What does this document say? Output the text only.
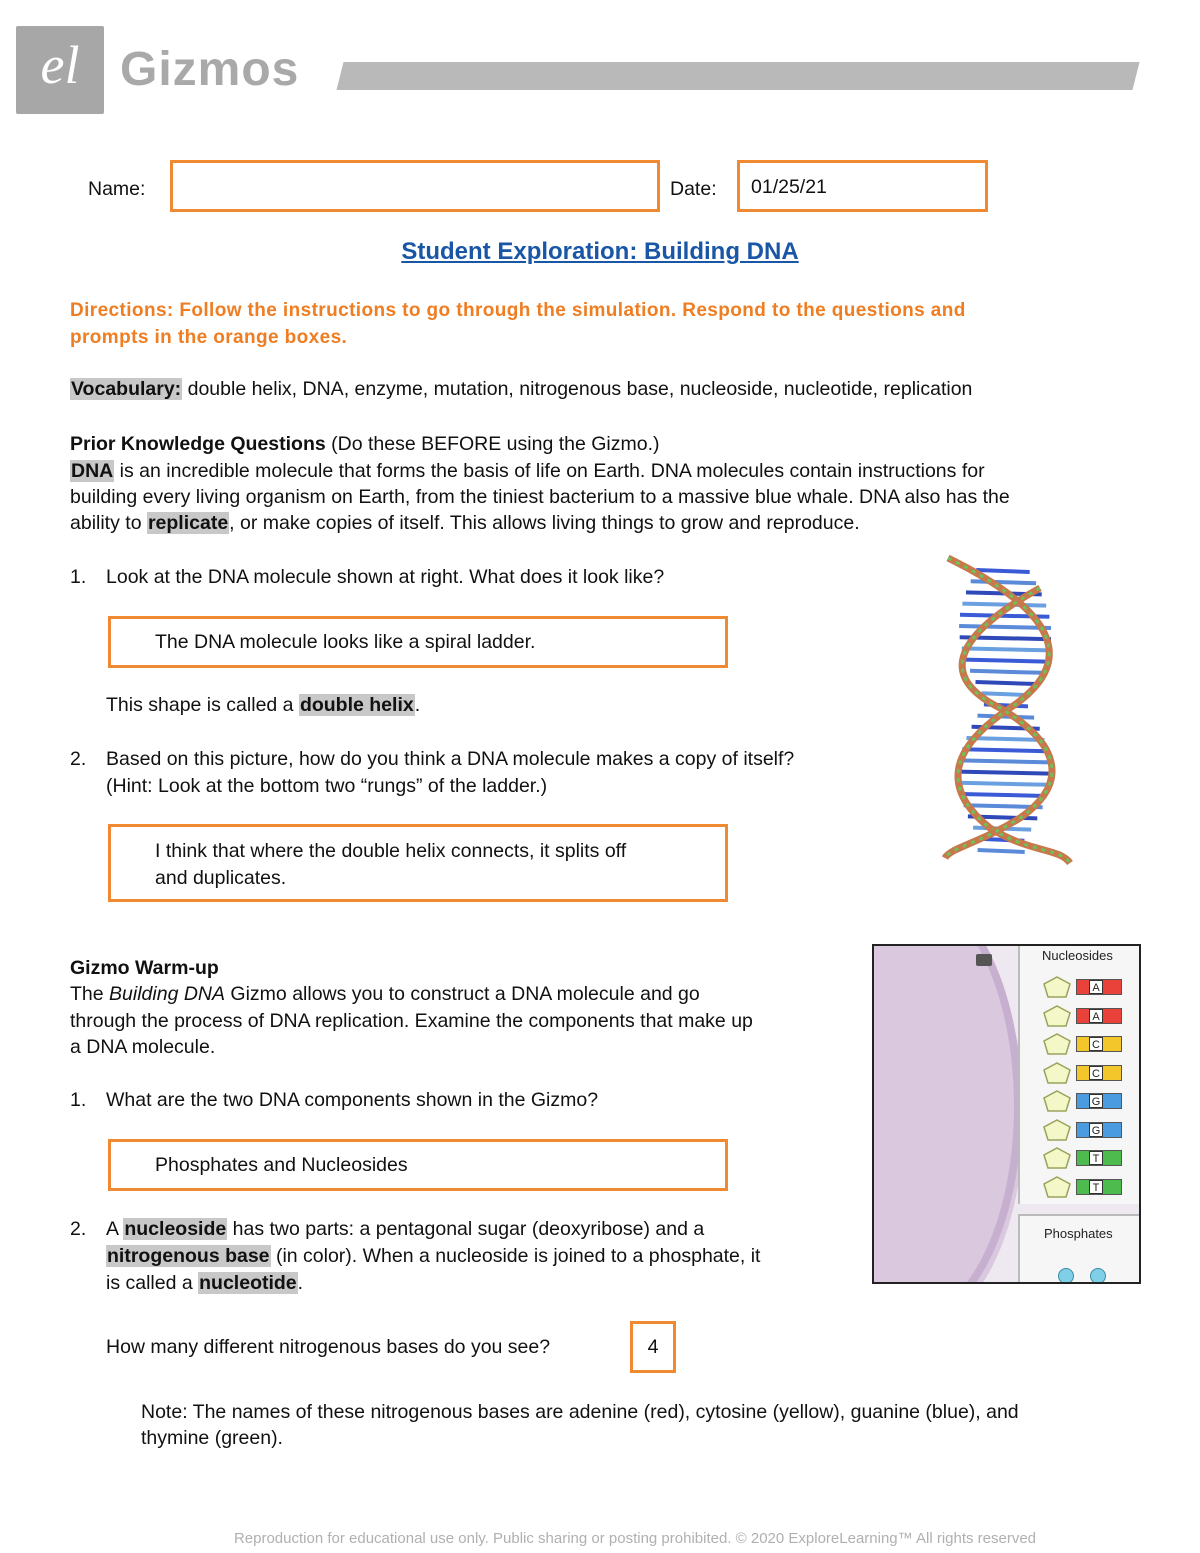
el Gizmos
Name:	Date: 01/25/21
Student Exploration: Building DNA
Directions: Follow the instructions to go through the simulation. Respond to the questions and
prompts in the orange boxes.
Vocabulary: double helix, DNA, enzyme, mutation, nitrogenous base, nucleoside, nucleotide, replication
Prior Knowledge Questions (Do these BEFORE using the Gizmo.)
DNA is an incredible molecule that forms the basis of life on Earth. DNA molecules contain instructions for
building every living organism on Earth, from the tiniest bacterium to a massive blue whale. DNA also has the
ability to replicate, or make copies of itself. This allows living things to grow and reproduce.
1.	Look at the DNA molecule shown at right. What does it look like?
The DNA molecule looks like a spiral ladder.
This shape is called a double helix.
2.	Based on this picture, how do you think a DNA molecule makes a copy of itself?
(Hint: Look at the bottom two “rungs” of the ladder.)
I think that where the double helix connects, it splits off
and duplicates.
Gizmo Warm-up
The Building DNA Gizmo allows you to construct a DNA molecule and go
through the process of DNA replication. Examine the components that make up
a DNA molecule.
1.	What are the two DNA components shown in the Gizmo?
Phosphates and Nucleosides
2.	A nucleoside has two parts: a pentagonal sugar (deoxyribose) and a
nitrogenous base (in color). When a nucleoside is joined to a phosphate, it
is called a nucleotide.
How many different nitrogenous bases do you see?	4
Note: The names of these nitrogenous bases are adenine (red), cytosine (yellow), guanine (blue), and
thymine (green).
Nucleosides
Phosphates
A
A
C
C
G
G
T
T
Reproduction for educational use only. Public sharing or posting prohibited. © 2020 ExploreLearning™ All rights reserved
